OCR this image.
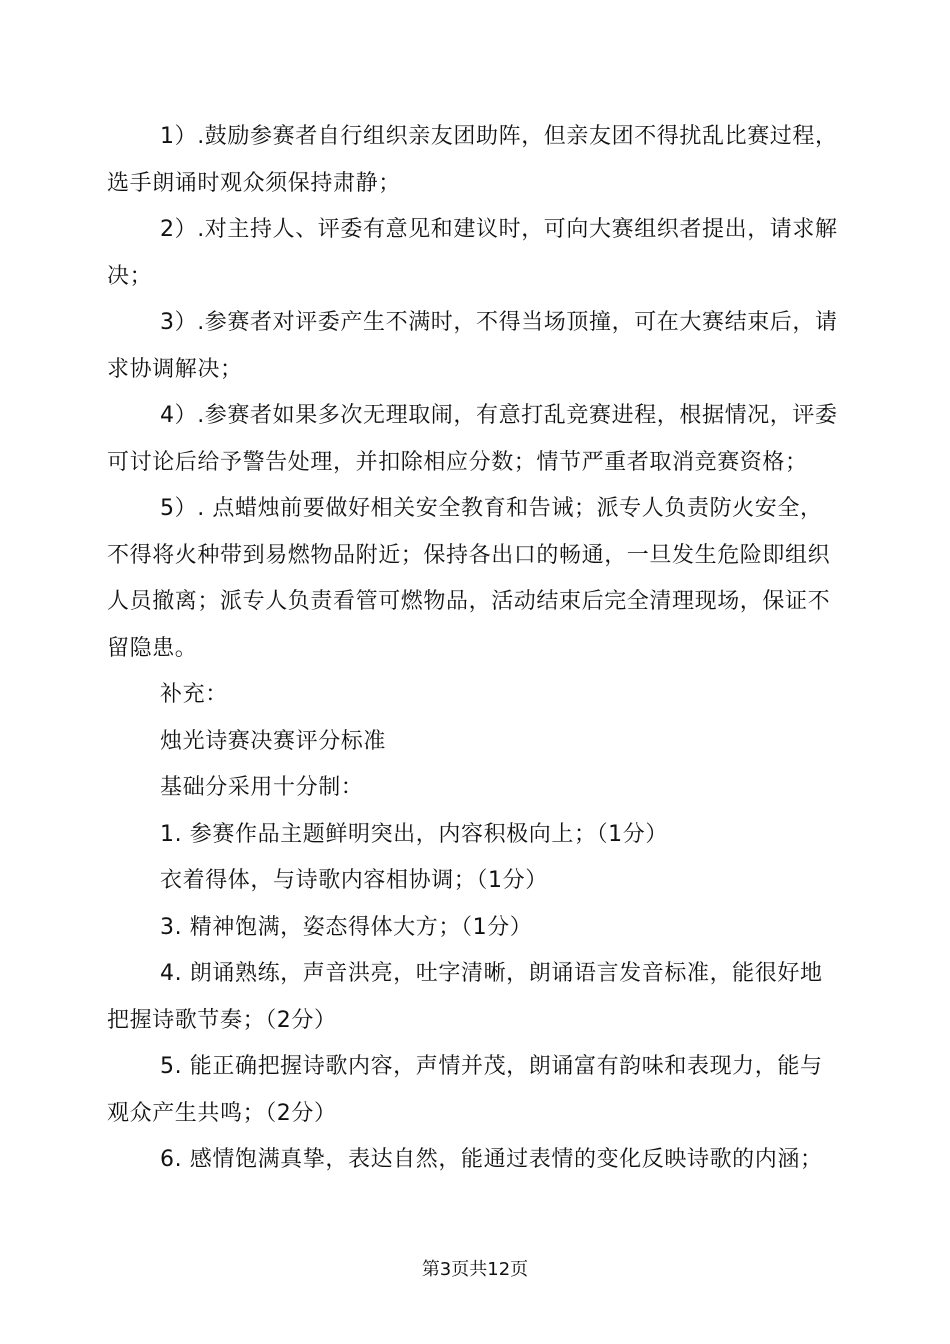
1）.鼓励参赛者自行组织亲友团助阵，但亲友团不得扰乱比赛过程，选手朗诵时观众须保持肃静；

2）.对主持人、评委有意见和建议时，可向大赛组织者提出，请求解决；

3）.参赛者对评委产生不满时，不得当场顶撞，可在大赛结束后，请求协调解决；

4）.参赛者如果多次无理取闹，有意打乱竞赛进程，根据情况，评委可讨论后给予警告处理，并扣除相应分数；情节严重者取消竞赛资格；

5）. 点蜡烛前要做好相关安全教育和告诫；派专人负责防火安全，不得将火种带到易燃物品附近；保持各出口的畅通，一旦发生危险即组织人员撤离；派专人负责看管可燃物品，活动结束后完全清理现场，保证不留隐患。

补充：

烛光诗赛决赛评分标准

基础分采用十分制：

1. 参赛作品主题鲜明突出，内容积极向上；（1分）

衣着得体，与诗歌内容相协调；（1分）

3. 精神饱满，姿态得体大方；（1分）

4. 朗诵熟练，声音洪亮，吐字清晰，朗诵语言发音标准，能很好地把握诗歌节奏；（2分）

5. 能正确把握诗歌内容，声情并茂，朗诵富有韵味和表现力，能与观众产生共鸣；（2分）

6. 感情饱满真挚，表达自然，能通过表情的变化反映诗歌的内涵；

第3页共12页
